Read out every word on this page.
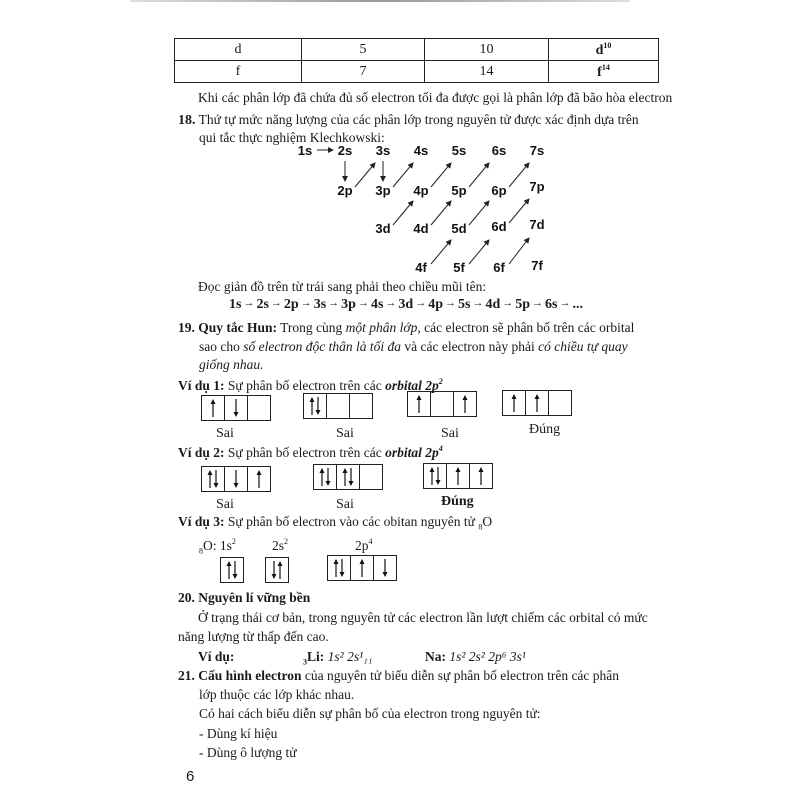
d	5	10	$d^{10}$
f	7	14	$f^{14}$
Khi các phân lớp đã chứa đủ số electron tối đa được gọi là phân lớp đã bão hòa electron
18. Thứ tự mức năng lượng của các phân lớp trong nguyên tử được xác định dựa trên
qui tắc thực nghiệm Klechkowski:
1s 2s 3s 4s 5s 6s 7s
2p 3p 4p 5p 6p 7p
3d 4d 5d 6d 7d
4f 5f 6f 7f
Đọc giản đồ trên từ trái sang phải theo chiều mũi tên:
1s → 2s → 2p → 3s → 3p → 4s → 3d → 4p → 5s → 4d → 5p → 6s → ...
19. Quy tắc Hun: Trong cùng một phân lớp, các electron sẽ phân bố trên các orbital
sao cho số electron độc thân là tối đa và các electron này phải có chiều tự quay
giống nhau.
Ví dụ 1: Sự phân bố electron trên các orbital $2p^2$
Sai	Sai	Sai	Đúng
Ví dụ 2: Sự phân bố electron trên các orbital $2p^4$
Sai	Sai	Đúng
Ví dụ 3: Sự phân bố electron vào các obitan nguyên tử $_8$O
$_8$O: $1s^2$	$2s^2$	$2p^4$
20. Nguyên lí vững bền
Ở trạng thái cơ bản, trong nguyên tử các electron lần lượt chiếm các orbital có mức
năng lượng từ thấp đến cao.
Ví dụ:	$_3$Li: 1s² 2s¹₁₁	Na: 1s² 2s² 2p⁶ 3s¹
21. Cấu hình electron của nguyên tử biểu diễn sự phân bố electron trên các phân
lớp thuộc các lớp khác nhau.
Có hai cách biểu diễn sự phân bố của electron trong nguyên tử:
- Dùng kí hiệu
- Dùng ô lượng tử
6
